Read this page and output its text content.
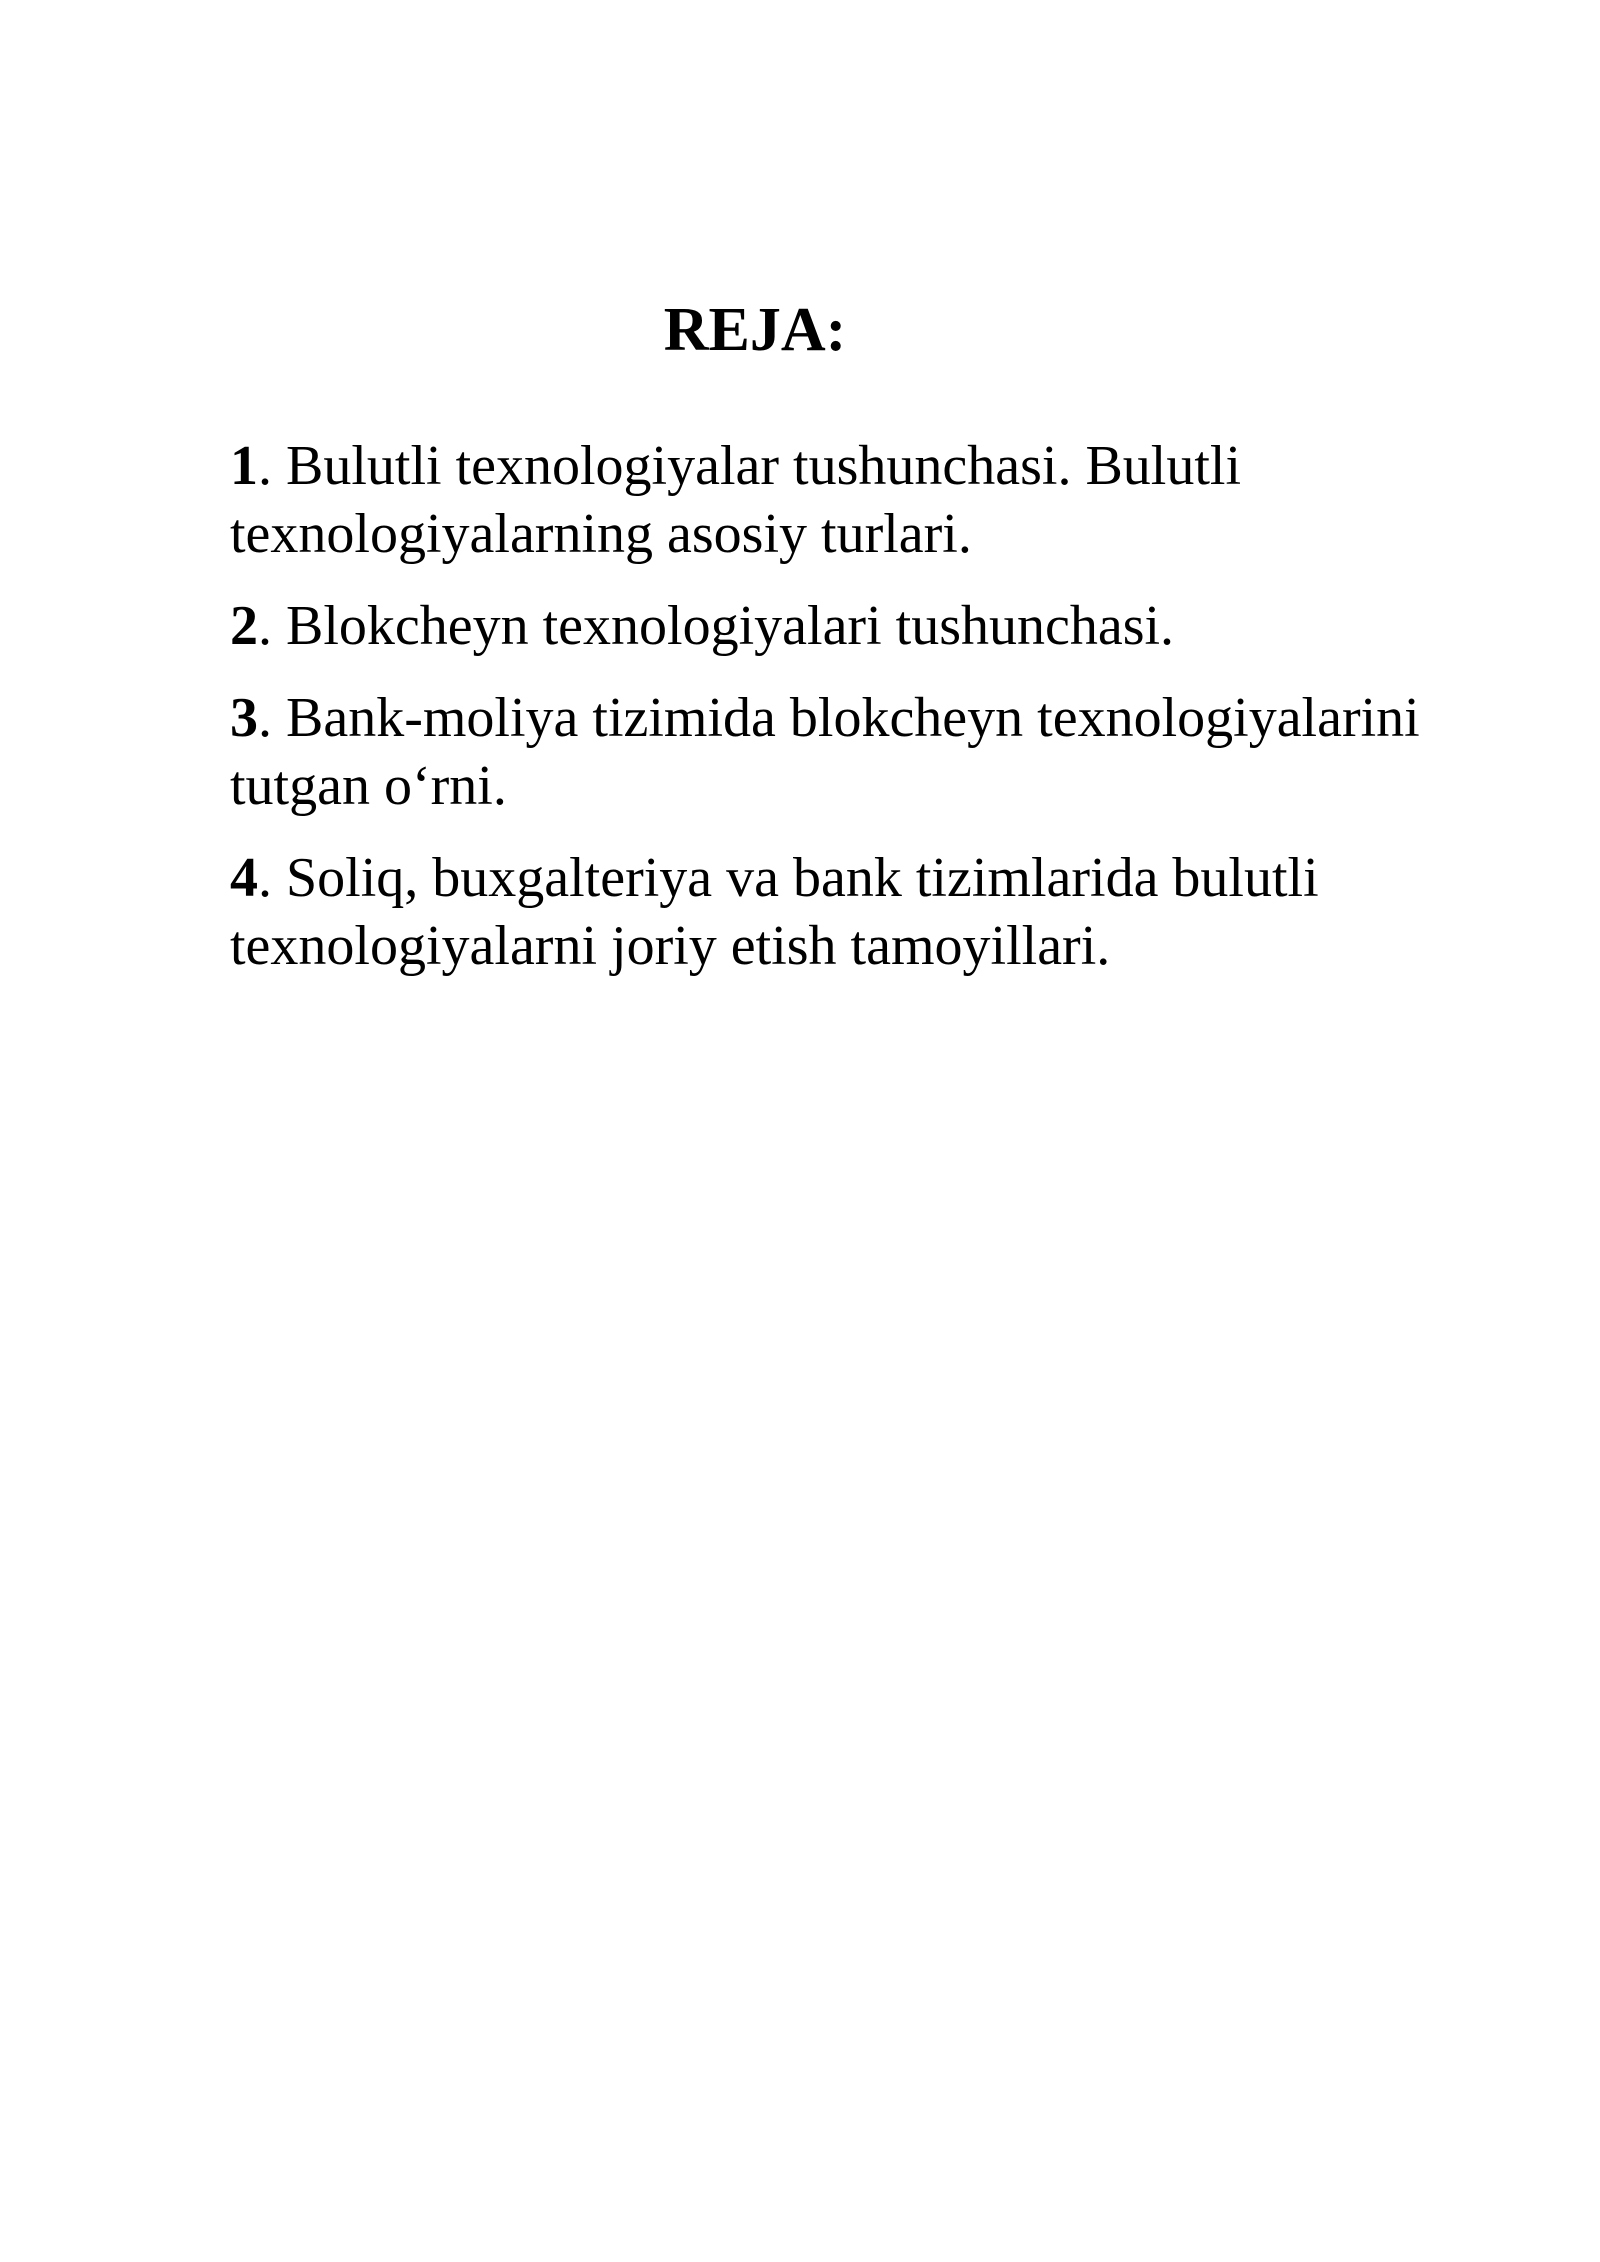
REJA:
1. Bulutli texnologiyalar tushunchasi. Bulutli texnologiyalarning asosiy turlari.
2. Blokcheyn texnologiyalari tushunchasi.
3. Bank-moliya tizimida blokcheyn texnologiyalarini tutgan o‘rni.
4. Soliq, buxgalteriya va bank tizimlarida bulutli texnologiyalarni joriy etish tamoyillari.
